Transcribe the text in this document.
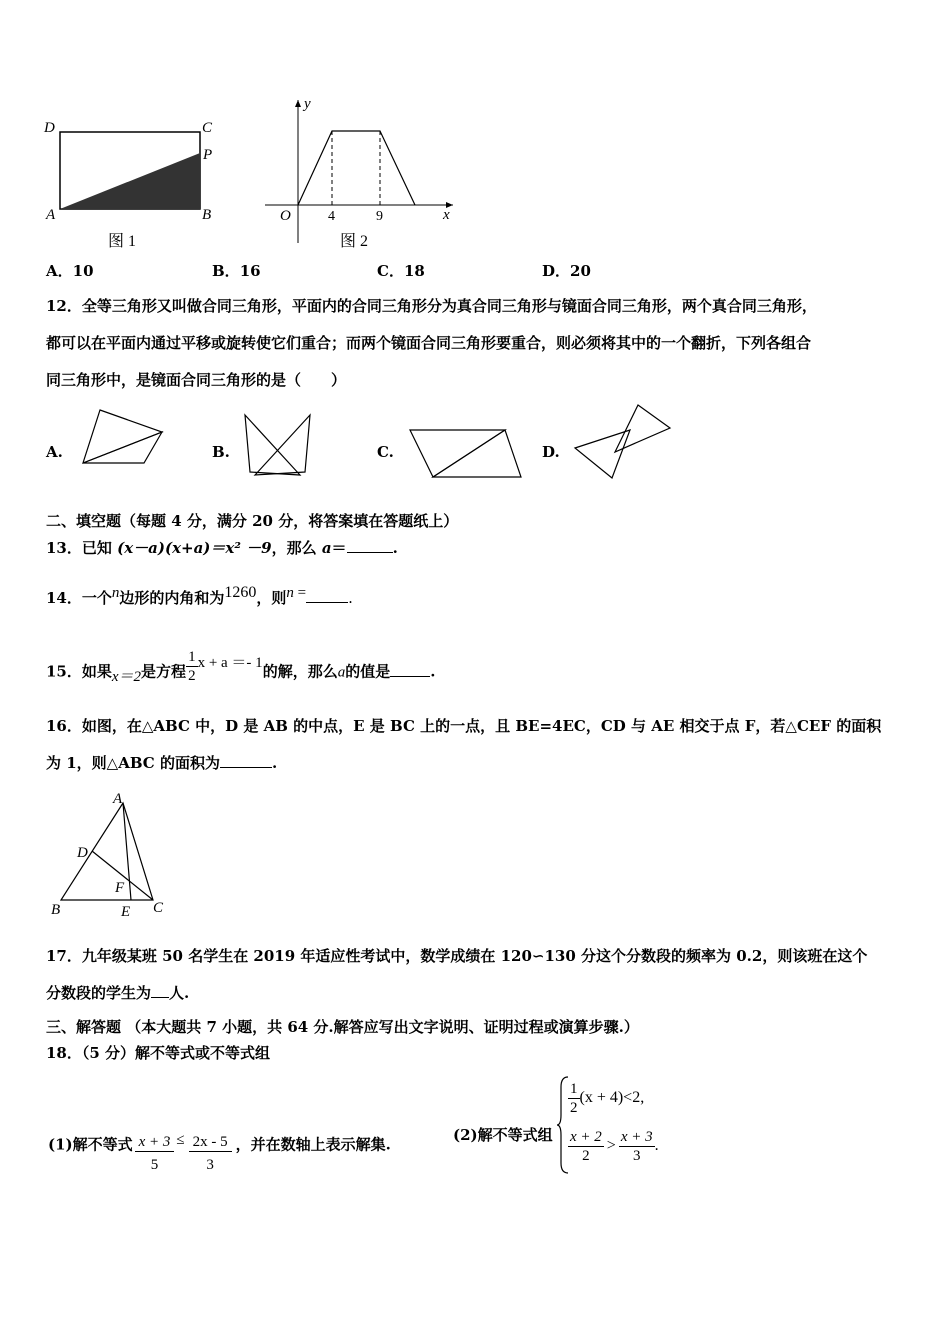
D	C
P
A	B
图 1
y
x
O	4	9
图 2
A．10	B．16	C．18	D．20
12．全等三角形又叫做合同三角形，平面内的合同三角形分为真合同三角形与镜面合同三角形，两个真合同三角形，
都可以在平面内通过平移或旋转使它们重合；而两个镜面合同三角形要重合，则必须将其中的一个翻折，下列各组合
同三角形中，是镜面合同三角形的是（　　）
A.	B.	C.	D.
二、填空题（每题 4 分，满分 20 分，将答案填在答题纸上）
13．已知 (x－a)(x+a)＝x² －9，那么 a＝	.
14．一个$^n$边形的内角和为$^{1260}$，则$^{n =}$	.
15．如果x＝2是方程 $\frac{1}{2}$ x + a ＝- 1的解，那么a的值是	.
16．如图，在△ABC 中，D 是 AB 的中点，E 是 BC 上的一点，且 BE=4EC，CD 与 AE 相交于点 F，若△CEF 的面积
为 1，则△ABC 的面积为	.
A
D
F
B	E C
17．九年级某班 50 名学生在 2019 年适应性考试中，数学成绩在 120∽130 分这个分数段的频率为 0.2，则该班在这个
分数段的学生为 人.
三、解答题 （本大题共 7 小题，共 64 分.解答应写出文字说明、证明过程或演算步骤.）
18．（5 分）解不等式或不等式组
(1)解不等式 $\frac{x + 3}{5} \le \frac{2x - 5}{3}$ ，并在数轴上表示解集.
(2)解不等式组
$\frac{1}{2} (x + 4)<2$,
$\frac{x + 2}{2} > \frac{x + 3}{3}$ .
